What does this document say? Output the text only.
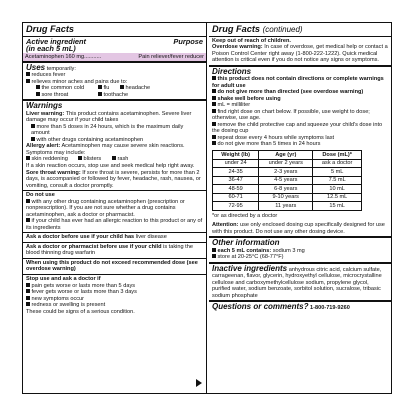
Drug Facts
Active ingredient
(in each 5 mL)
Purpose
Acetaminophen 160 mg...........	Pain reliever/fever reducer
Uses temporarily:

reduces fever

relieves minor aches and pains due to:

the common cold	flu	headache
sore throat	toothache
Warnings

Liver warning: This product contains acetaminophen. Severe liver damage may occur if your child takes

more than 5 doses in 24 hours, which is the maximum daily amount

with other drugs containing acetaminophen

Allergy alert: Acetaminophen may cause severe skin reactions. Symptoms may include:

skin reddening	blisters	rash

If a skin reaction occurs, stop use and seek medical help right away.

Sore throat warning: If sore throat is severe, persists for more than 2 days, is accompanied or followed by fever, headache, rash, nausea, or vomiting, consult a doctor promptly.

Do not use

with any other drug containing acetaminophen (prescription or nonprescription). If you are not sure whether a drug contains acetaminophen, ask a doctor or pharmacist.

if your child has ever had an allergic reaction to this product or any of its ingredients

Ask a doctor before use if your child has liver disease

Ask a doctor or pharmacist before use if your child is taking the blood thinning drug warfarin

When using this product do not exceed recommended dose (see overdose warning)

Stop use and ask a doctor if

pain gets worse or lasts more than 5 days

fever gets worse or lasts more than 3 days

new symptoms occur

redness or swelling is present

These could be signs of a serious condition.

Drug Facts (continued)

Keep out of reach of children.

Overdose warning: In case of overdose, get medical help or contact a Poison Control Center right away (1-800-222-1222). Quick medical attention is critical even if you do not notice any signs or symptoms.

Directions

this product does not contain directions or complete warnings for adult use

do not give more than directed (see overdose warning)

shake well before using

mL = milliliter

find right dose on chart below. If possible, use weight to dose; otherwise, use age.

remove the child protective cap and squeeze your child's dose into the dosing cup

repeat dose every 4 hours while symptoms last

do not give more than 5 times in 24 hours

Weight (lb)	Age (yr)	Dose (mL)*
under 24	under 2 years	ask a doctor
24-35	2-3 years	5 mL
36-47	4-5 years	7.5 mL
48-59	6-8 years	10 mL
60-71	9-10 years	12.5 mL
72-95	11 years	15 mL

*or as directed by a doctor

Attention: use only enclosed dosing cup specifically designed for use with this product. Do not use any other dosing device.

Other information

each 5 mL contains: sodium 3 mg

store at 20-25°C (68-77°F)

Inactive ingredients anhydrous citric acid, calcium sulfate, carrageenan, flavor, glycerin, hydroxyethyl cellulose, microcrystalline cellulose and carboxymethylcellulose sodium, propylene glycol, purified water, sodium benzoate, sorbitol solution, sucralose, tribasic sodium phosphate

Questions or comments? 1-800-719-9260
